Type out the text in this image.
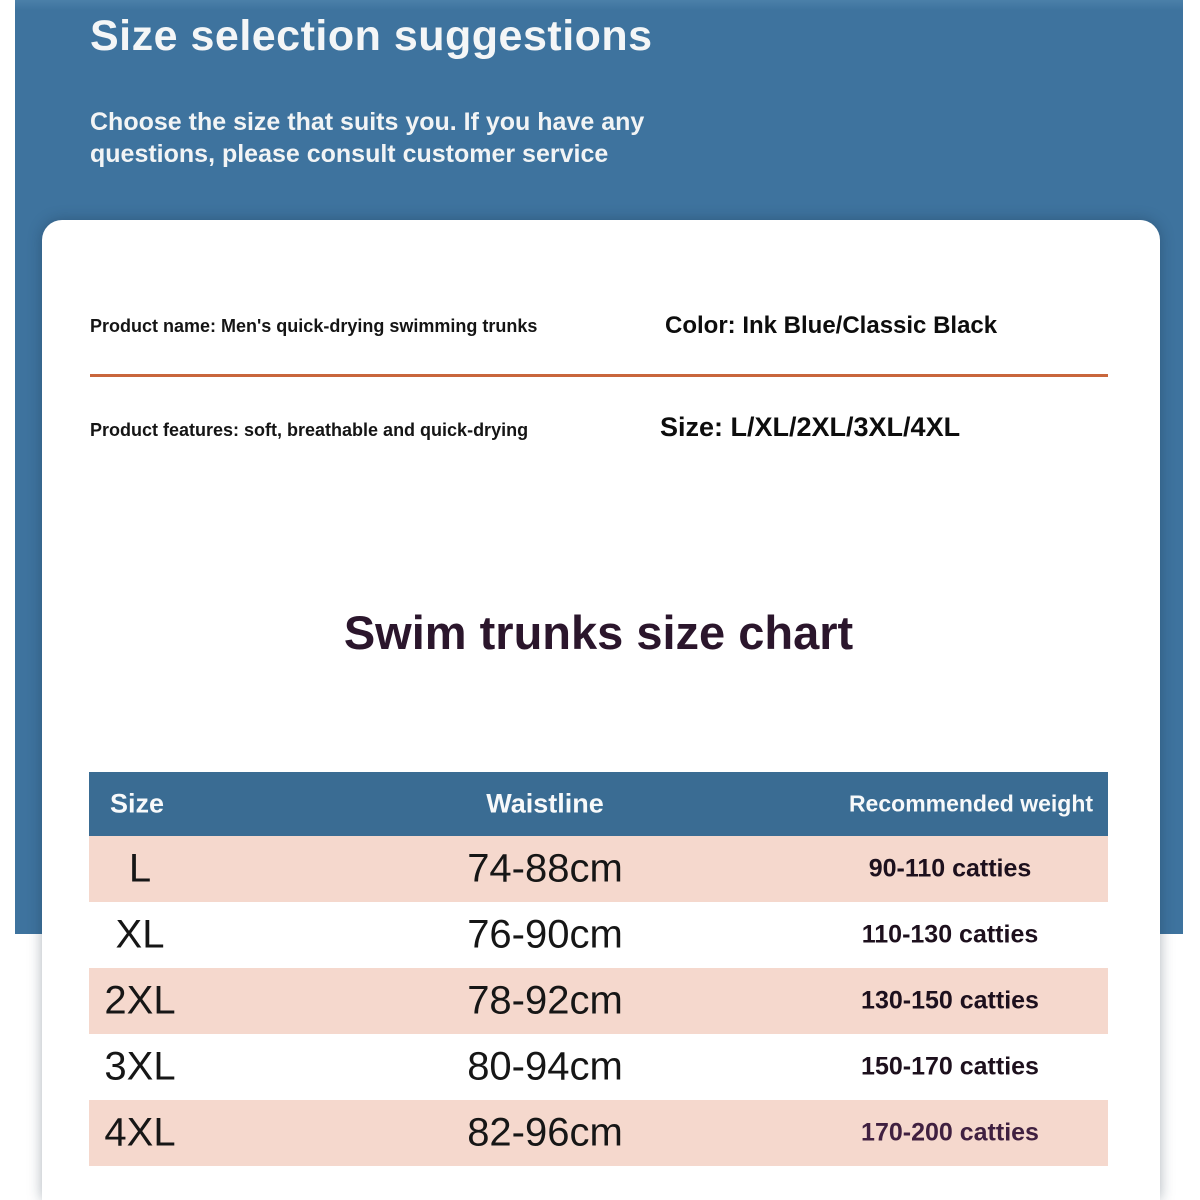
Size selection suggestions
Choose the size that suits you. If you have any
questions, please consult customer service
Product name: Men's quick-drying swimming trunks	Color: Ink Blue/Classic Black
Product features: soft, breathable and quick-drying	Size: L/XL/2XL/3XL/4XL
Swim trunks size chart
Size	Waistline	Recommended weight
L	74-88cm	90-110 catties
XL	76-90cm	110-130 catties
2XL	78-92cm	130-150 catties
3XL	80-94cm	150-170 catties
4XL	82-96cm	170-200 catties
